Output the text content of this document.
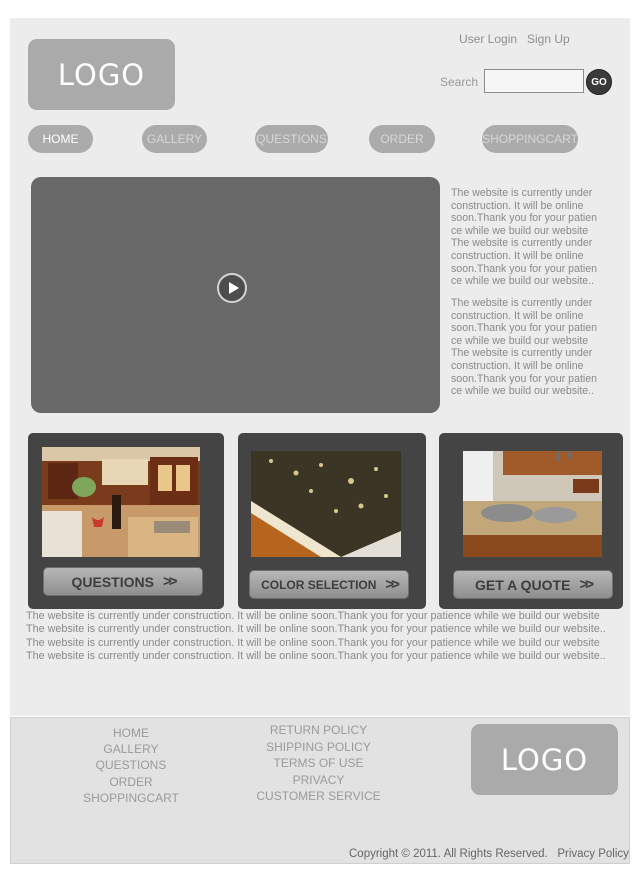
LOGO
User Login Sign Up
Search	GO
HOME	GALLERY	QUESTIONS	ORDER	SHOPPINGCART
The website is currently under
construction. It will be online
soon.Thank you for your patien
ce while we build our website
The website is currently under
construction. It will be online
soon.Thank you for your patien
ce while we build our website..
The website is currently under
construction. It will be online
soon.Thank you for your patien
ce while we build our website
The website is currently under
construction. It will be online
soon.Thank you for your patien
ce while we build our website..
QUESTIONS >>	COLOR SELECTION >>	GET A QUOTE >>
The website is currently under construction. It will be online soon.Thank you for your patience while we build our website The website is currently under construction. It will be online soon.Thank you for your patience while we build our website..
The website is currently under construction. It will be online soon.Thank you for your patience while we build our website The website is currently under construction. It will be online soon.Thank you for your patience while we build our website..
HOME
GALLERY
QUESTIONS
ORDER
SHOPPINGCART
RETURN POLICY
SHIPPING POLICY
TERMS OF USE
PRIVACY
CUSTOMER SERVICE
LOGO
Copyright © 2011. All Rights Reserved. Privacy Policy
